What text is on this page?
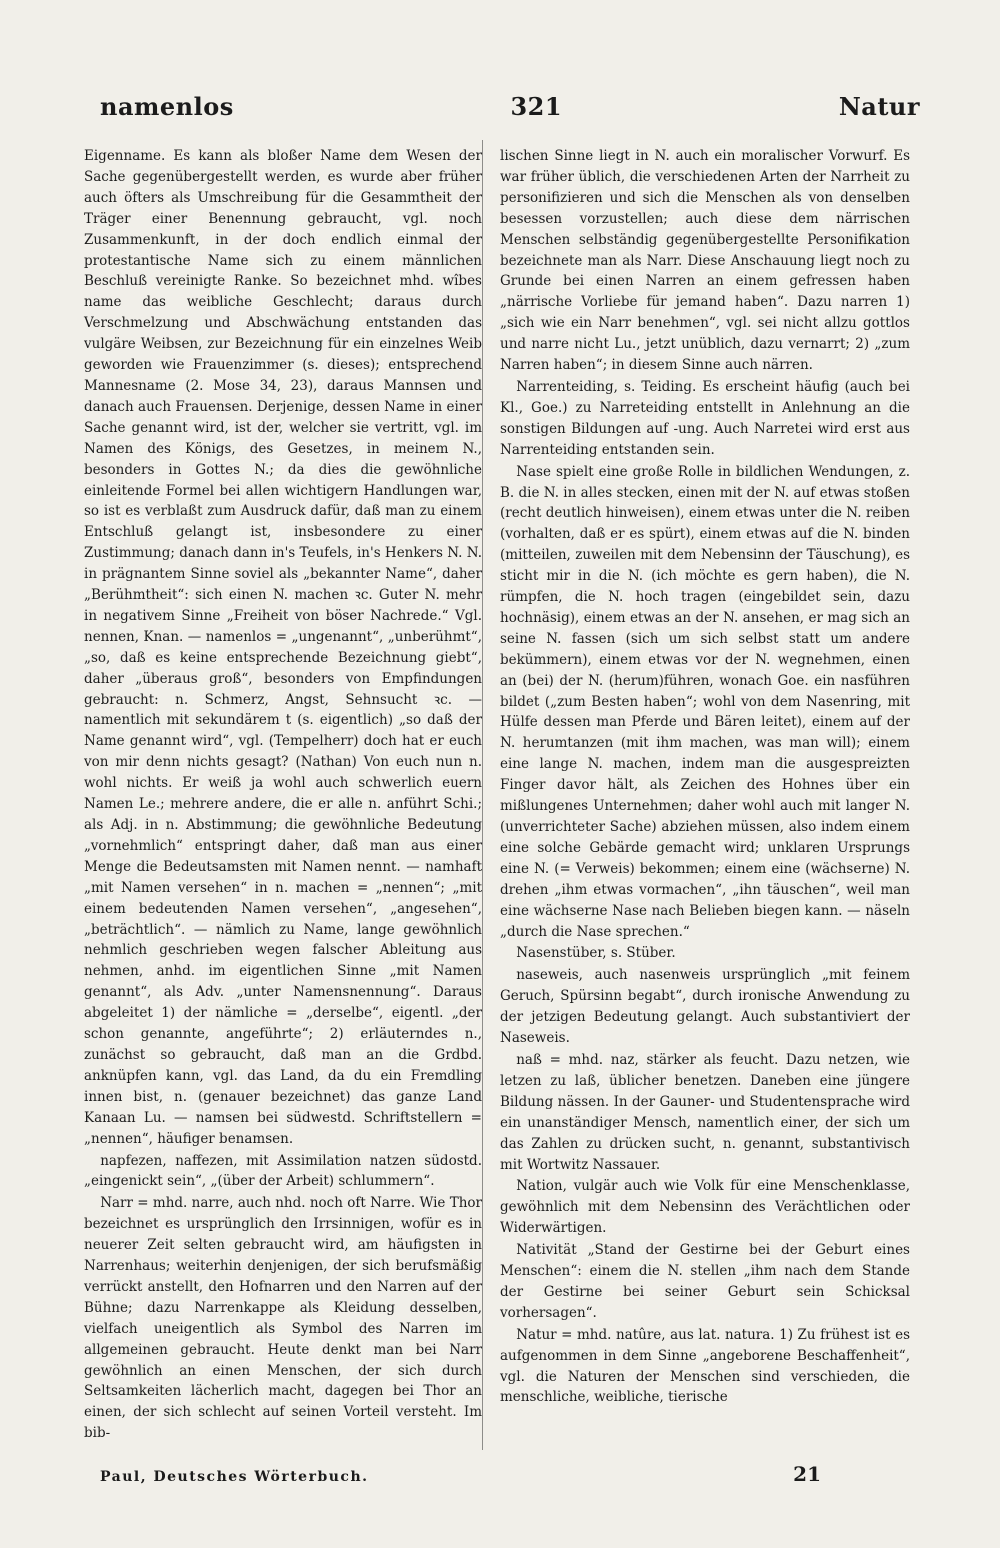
namenlos	321	Natur

Eigenname. Es kann als bloßer Name dem Wesen der Sache gegenübergestellt werden, es wurde aber früher auch öfters als Umschreibung für die Gesammtheit der Träger einer Benennung gebraucht, vgl. noch Zusammenkunft, in der doch endlich einmal der protestantische Name sich zu einem männlichen Beschluß vereinigte Ranke. So bezeichnet mhd. wîbes name das weibliche Geschlecht; daraus durch Verschmelzung und Abschwächung entstanden das vulgäre Weibsen, zur Bezeichnung für ein einzelnes Weib geworden wie Frauenzimmer (s. dieses); entsprechend Mannesname (2. Mose 34, 23), daraus Mannsen und danach auch Frauensen. Derjenige, dessen Name in einer Sache genannt wird, ist der, welcher sie vertritt, vgl. im Namen des Königs, des Gesetzes, in meinem N., besonders in Gottes N.; da dies die gewöhnliche einleitende Formel bei allen wichtigern Handlungen war, so ist es verblaßt zum Ausdruck dafür, daß man zu einem Entschluß gelangt ist, insbesondere zu einer Zustimmung; danach dann in's Teufels, in's Henkers N. N. in prägnantem Sinne soviel als „bekannter Name“, daher „Berühmtheit“: sich einen N. machen ꝛc. Guter N. mehr in negativem Sinne „Freiheit von böser Nachrede.“ Vgl. nennen, Knan. — namenlos = „ungenannt“, „unberühmt“, „so, daß es keine entsprechende Bezeichnung giebt“, daher „überaus groß“, besonders von Empfindungen gebraucht: n. Schmerz, Angst, Sehnsucht ꝛc. — namentlich mit sekundärem t (s. eigentlich) „so daß der Name genannt wird“, vgl. (Tempelherr) doch hat er euch von mir denn nichts gesagt? (Nathan) Von euch nun n. wohl nichts. Er weiß ja wohl auch schwerlich euern Namen Le.; mehrere andere, die er alle n. anführt Schi.; als Adj. in n. Abstimmung; die gewöhnliche Bedeutung „vornehmlich“ entspringt daher, daß man aus einer Menge die Bedeutsamsten mit Namen nennt. — namhaft „mit Namen versehen“ in n. machen = „nennen“; „mit einem bedeutenden Namen versehen“, „angesehen“, „beträchtlich“. — nämlich zu Name, lange gewöhnlich nehmlich geschrieben wegen falscher Ableitung aus nehmen, anhd. im eigentlichen Sinne „mit Namen genannt“, als Adv. „unter Namensnennung“. Daraus abgeleitet 1) der nämliche = „derselbe“, eigentl. „der schon genannte, angeführte“; 2) erläuterndes n., zunächst so gebraucht, daß man an die Grdbd. anknüpfen kann, vgl. das Land, da du ein Fremdling innen bist, n. (genauer bezeichnet) das ganze Land Kanaan Lu. — namsen bei südwestd. Schriftstellern = „nennen“, häufiger benamsen.

napfezen, naffezen, mit Assimilation natzen südostd. „eingenickt sein“, „(über der Arbeit) schlummern“.

Narr = mhd. narre, auch nhd. noch oft Narre. Wie Thor bezeichnet es ursprünglich den Irrsinnigen, wofür es in neuerer Zeit selten gebraucht wird, am häufigsten in Narrenhaus; weiterhin denjenigen, der sich berufsmäßig verrückt anstellt, den Hofnarren und den Narren auf der Bühne; dazu Narrenkappe als Kleidung desselben, vielfach uneigentlich als Symbol des Narren im allgemeinen gebraucht. Heute denkt man bei Narr gewöhnlich an einen Menschen, der sich durch Seltsamkeiten lächerlich macht, dagegen bei Thor an einen, der sich schlecht auf seinen Vorteil versteht. Im bib-

lischen Sinne liegt in N. auch ein moralischer Vorwurf. Es war früher üblich, die verschiedenen Arten der Narrheit zu personifizieren und sich die Menschen als von denselben besessen vorzustellen; auch diese dem närrischen Menschen selbständig gegenübergestellte Personifikation bezeichnete man als Narr. Diese Anschauung liegt noch zu Grunde bei einen Narren an einem gefressen haben „närrische Vorliebe für jemand haben“. Dazu narren 1) „sich wie ein Narr benehmen“, vgl. sei nicht allzu gottlos und narre nicht Lu., jetzt unüblich, dazu vernarrt; 2) „zum Narren haben“; in diesem Sinne auch närren.

Narrenteiding, s. Teiding. Es erscheint häufig (auch bei Kl., Goe.) zu Narreteiding entstellt in Anlehnung an die sonstigen Bildungen auf -ung. Auch Narretei wird erst aus Narrenteiding entstanden sein.

Nase spielt eine große Rolle in bildlichen Wendungen, z. B. die N. in alles stecken, einen mit der N. auf etwas stoßen (recht deutlich hinweisen), einem etwas unter die N. reiben (vorhalten, daß er es spürt), einem etwas auf die N. binden (mitteilen, zuweilen mit dem Nebensinn der Täuschung), es sticht mir in die N. (ich möchte es gern haben), die N. rümpfen, die N. hoch tragen (eingebildet sein, dazu hochnäsig), einem etwas an der N. ansehen, er mag sich an seine N. fassen (sich um sich selbst statt um andere bekümmern), einem etwas vor der N. wegnehmen, einen an (bei) der N. (herum)führen, wonach Goe. ein nasführen bildet („zum Besten haben“; wohl von dem Nasenring, mit Hülfe dessen man Pferde und Bären leitet), einem auf der N. herumtanzen (mit ihm machen, was man will); einem eine lange N. machen, indem man die ausgespreizten Finger davor hält, als Zeichen des Hohnes über ein mißlungenes Unternehmen; daher wohl auch mit langer N. (unverrichteter Sache) abziehen müssen, also indem einem eine solche Gebärde gemacht wird; unklaren Ursprungs eine N. (= Verweis) bekommen; einem eine (wächserne) N. drehen „ihm etwas vormachen“, „ihn täuschen“, weil man eine wächserne Nase nach Belieben biegen kann. — näseln „durch die Nase sprechen.“

Nasenstüber, s. Stüber.

naseweis, auch nasenweis ursprünglich „mit feinem Geruch, Spürsinn begabt“, durch ironische Anwendung zu der jetzigen Bedeutung gelangt. Auch substantiviert der Naseweis.

naß = mhd. naz, stärker als feucht. Dazu netzen, wie letzen zu laß, üblicher benetzen. Daneben eine jüngere Bildung nässen. In der Gauner- und Studentensprache wird ein unanständiger Mensch, namentlich einer, der sich um das Zahlen zu drücken sucht, n. genannt, substantivisch mit Wortwitz Nassauer.

Nation, vulgär auch wie Volk für eine Menschenklasse, gewöhnlich mit dem Nebensinn des Verächtlichen oder Widerwärtigen.

Nativität „Stand der Gestirne bei der Geburt eines Menschen“: einem die N. stellen „ihm nach dem Stande der Gestirne bei seiner Geburt sein Schicksal vorhersagen“.

Natur = mhd. natûre, aus lat. natura. 1) Zu frühest ist es aufgenommen in dem Sinne „angeborene Beschaffenheit“, vgl. die Naturen der Menschen sind verschieden, die menschliche, weibliche, tierische

Paul, Deutsches Wörterbuch.	21
